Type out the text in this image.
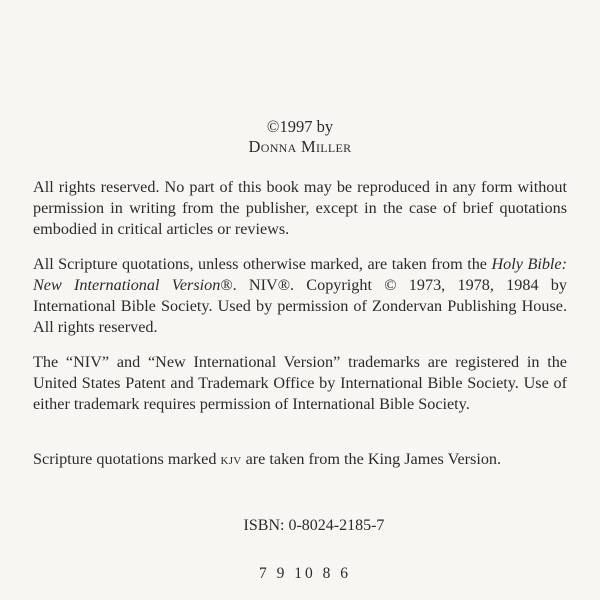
©1997 by
Donna Miller
All rights reserved. No part of this book may be reproduced in any form without permission in writing from the publisher, except in the case of brief quotations embodied in critical articles or reviews.
All Scripture quotations, unless otherwise marked, are taken from the Holy Bible: New International Version®. NIV®. Copyright © 1973, 1978, 1984 by International Bible Society. Used by permission of Zondervan Publishing House. All rights reserved.
The “NIV” and “New International Version” trademarks are registered in the United States Patent and Trademark Office by International Bible Society. Use of either trademark requires permission of International Bible Society.
Scripture quotations marked kjv are taken from the King James Version.
ISBN: 0-8024-2185-7
7 9 10 8 6
